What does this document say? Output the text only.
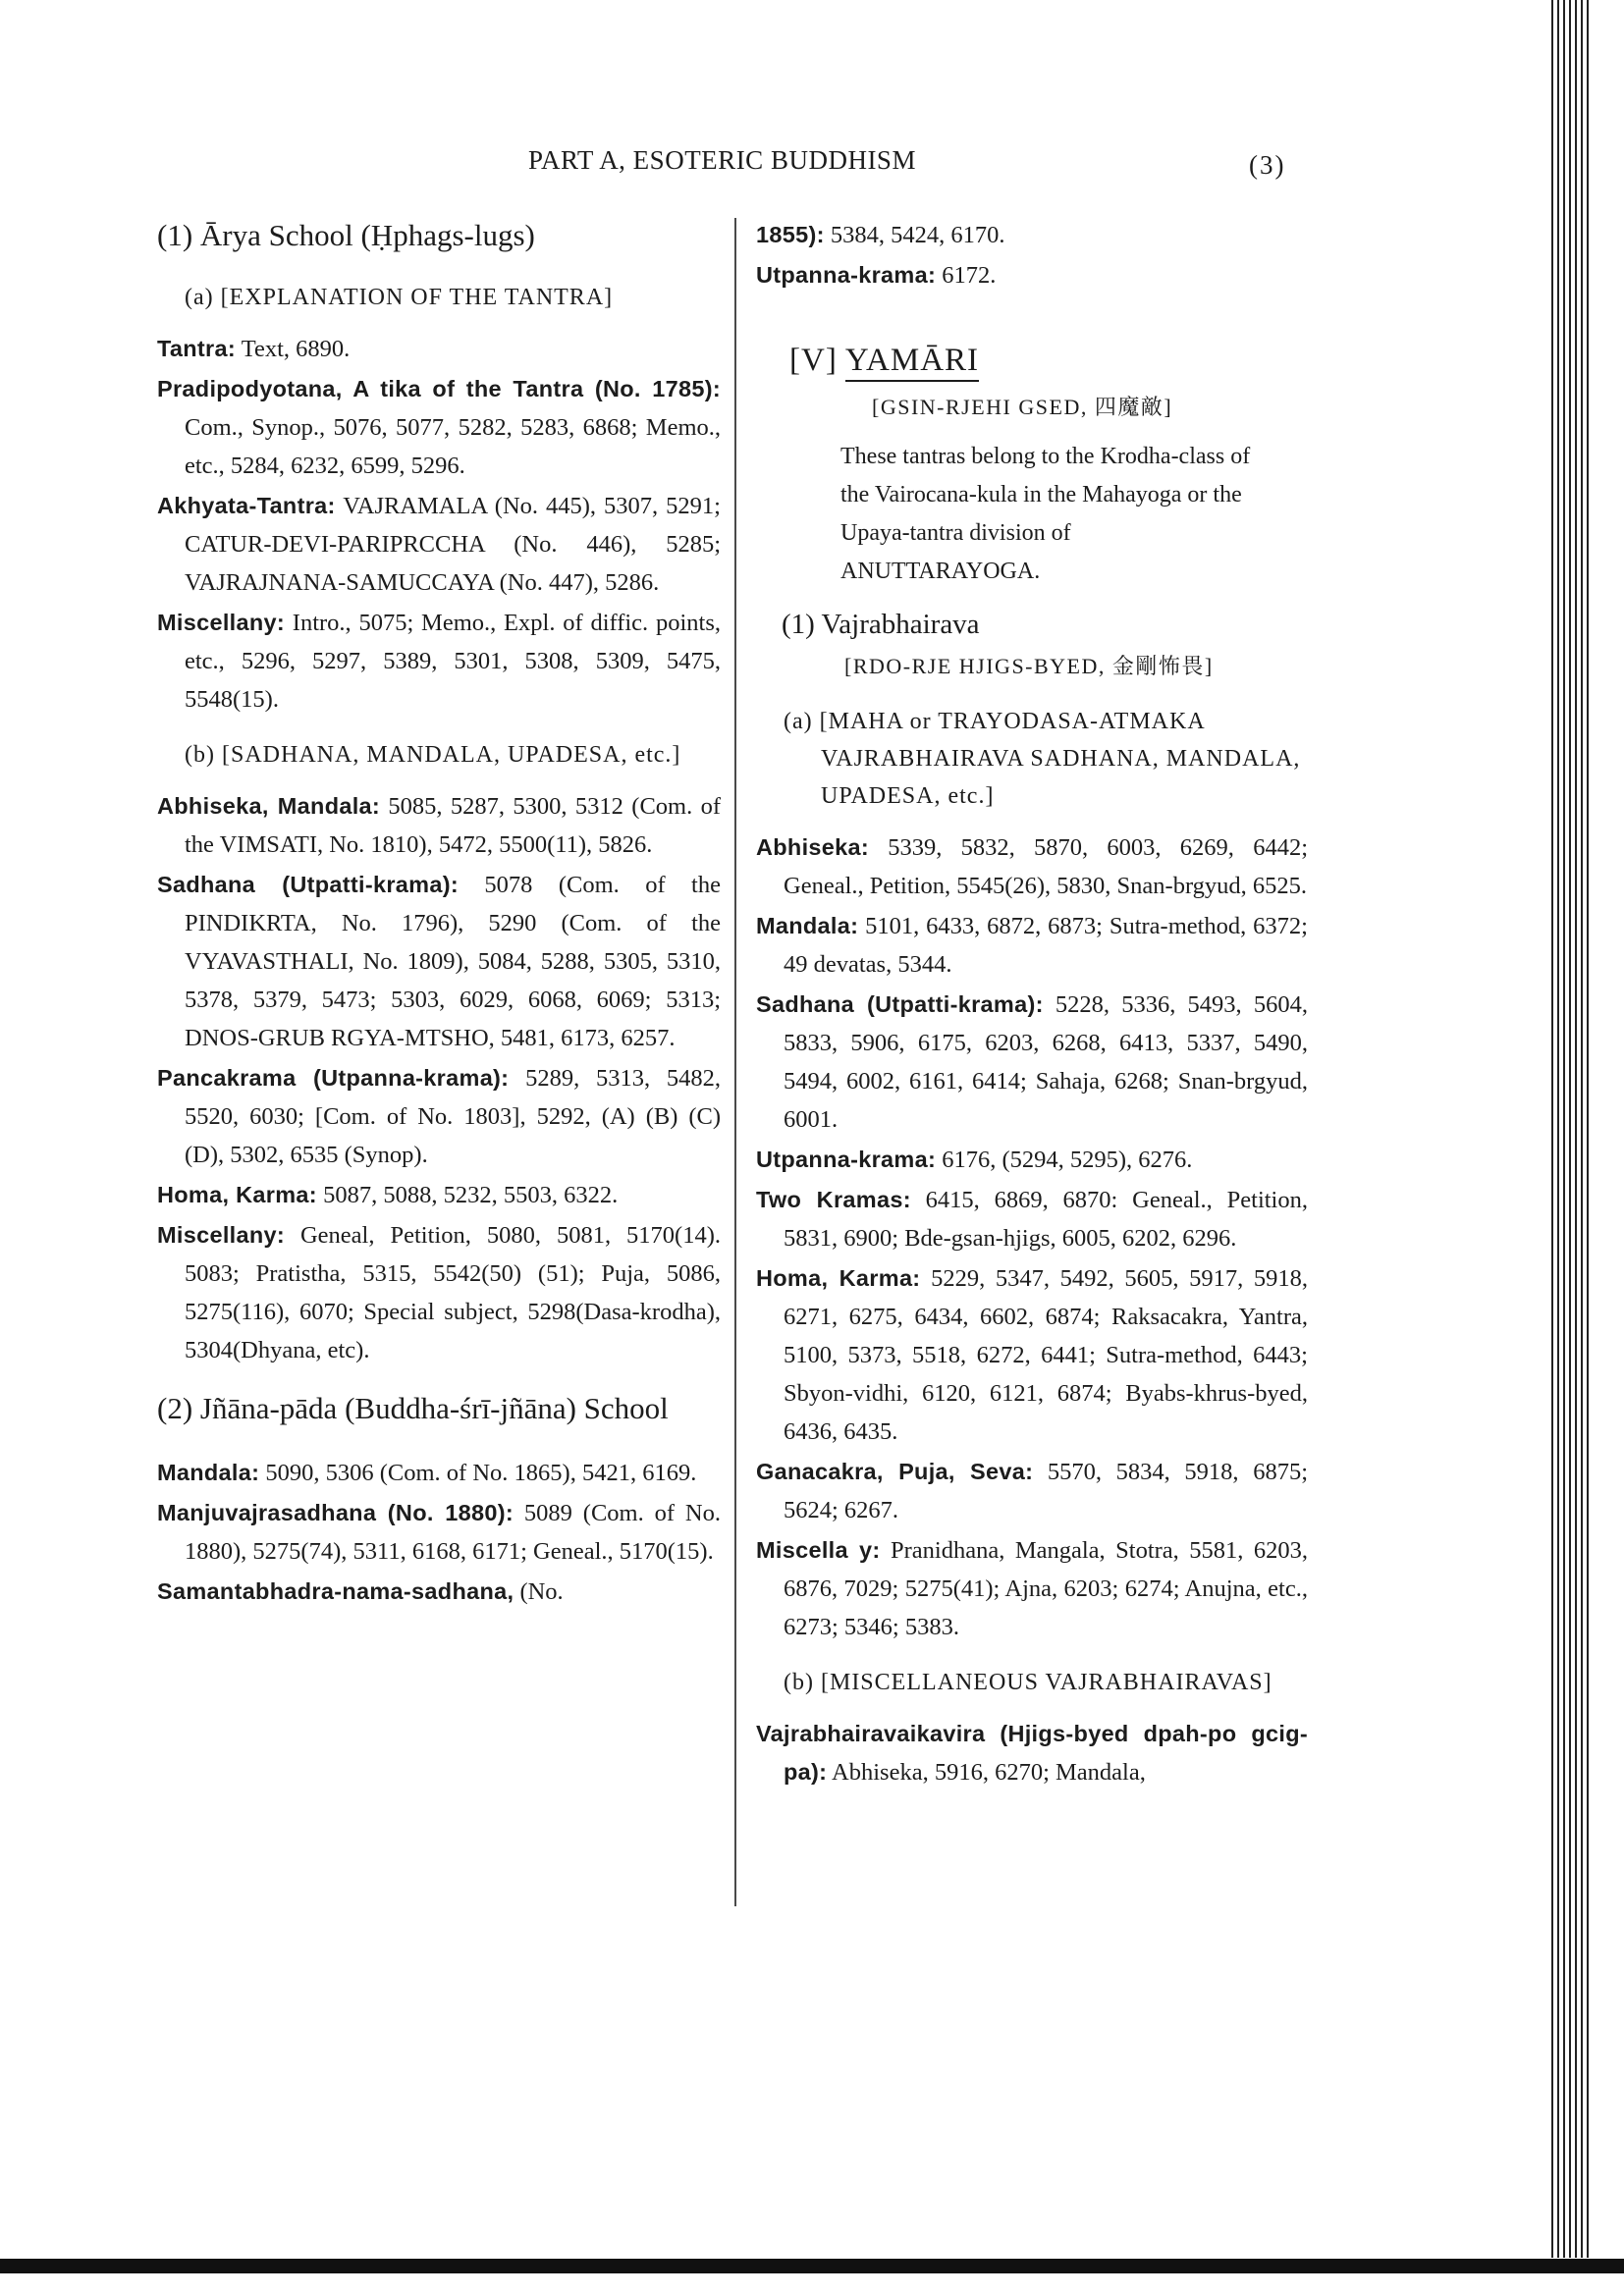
PART A, ESOTERIC BUDDHISM	(3)
(1) Ārya School (Ḥphags-lugs)
(a) [EXPLANATION OF THE TANTRA]

Tantra: Text, 6890.

Pradipodyotana, A tika of the Tantra (No. 1785): Com., Synop., 5076, 5077, 5282, 5283, 6868; Memo., etc., 5284, 6232, 6599, 5296.

Akhyata-Tantra: VAJRAMALA (No. 445), 5307, 5291; CATUR-DEVI-PARIPRCCHA (No. 446), 5285; VAJRAJNANA-SAMUCCAYA (No. 447), 5286.

Miscellany: Intro., 5075; Memo., Expl. of diffic. points, etc., 5296, 5297, 5389, 5301, 5308, 5309, 5475, 5548(15).

(b) [SADHANA, MANDALA, UPADESA, etc.]

Abhiseka, Mandala: 5085, 5287, 5300, 5312 (Com. of the VIMSATI, No. 1810), 5472, 5500(11), 5826.

Sadhana (Utpatti-krama): 5078 (Com. of the PINDIKRTA, No. 1796), 5290 (Com. of the VYAVASTHALI, No. 1809), 5084, 5288, 5305, 5310, 5378, 5379, 5473; 5303, 6029, 6068, 6069; 5313; DNOS-GRUB RGYA-MTSHO, 5481, 6173, 6257.

Pancakrama (Utpanna-krama): 5289, 5313, 5482, 5520, 6030; [Com. of No. 1803], 5292, (A) (B) (C) (D), 5302, 6535 (Synop).

Homa, Karma: 5087, 5088, 5232, 5503, 6322.

Miscellany: Geneal, Petition, 5080, 5081, 5170(14). 5083; Pratistha, 5315, 5542(50) (51); Puja, 5086, 5275(116), 6070; Special subject, 5298(Dasa-krodha), 5304(Dhyana, etc).

(2) Jñāna-pāda (Buddha-śrī-jñāna) School

Mandala: 5090, 5306 (Com. of No. 1865), 5421, 6169.

Manjuvajrasadhana (No. 1880): 5089 (Com. of No. 1880), 5275(74), 5311, 6168, 6171; Geneal., 5170(15).

Samantabhadra-nama-sadhana, (No.

1855): 5384, 5424, 6170.

Utpanna-krama: 6172.

[V] YAMĀRI
[GSIN-RJEHI GSED, 四魔敵]
These tantras belong to the Krodha-class of the Vairocana-kula in the Mahayoga or the Upaya-tantra division of ANUTTARAYOGA.
(1) Vajrabhairava
[RDO-RJE HJIGS-BYED, 金剛怖畏]
(a) [MAHA or TRAYODASA-ATMAKA VAJRABHAIRAVA SADHANA, MANDALA, UPADESA, etc.]

Abhiseka: 5339, 5832, 5870, 6003, 6269, 6442; Geneal., Petition, 5545(26), 5830, Snan-brgyud, 6525.

Mandala: 5101, 6433, 6872, 6873; Sutra-method, 6372; 49 devatas, 5344.

Sadhana (Utpatti-krama): 5228, 5336, 5493, 5604, 5833, 5906, 6175, 6203, 6268, 6413, 5337, 5490, 5494, 6002, 6161, 6414; Sahaja, 6268; Snan-brgyud, 6001.

Utpanna-krama: 6176, (5294, 5295), 6276.

Two Kramas: 6415, 6869, 6870: Geneal., Petition, 5831, 6900; Bde-gsan-hjigs, 6005, 6202, 6296.

Homa, Karma: 5229, 5347, 5492, 5605, 5917, 5918, 6271, 6275, 6434, 6602, 6874; Raksacakra, Yantra, 5100, 5373, 5518, 6272, 6441; Sutra-method, 6443; Sbyon-vidhi, 6120, 6121, 6874; Byabs-khrus-byed, 6436, 6435.

Ganacakra, Puja, Seva: 5570, 5834, 5918, 6875; 5624; 6267.

Miscella y: Pranidhana, Mangala, Stotra, 5581, 6203, 6876, 7029; 5275(41); Ajna, 6203; 6274; Anujna, etc., 6273; 5346; 5383.

(b) [MISCELLANEOUS VAJRABHAIRAVAS]

Vajrabhairavaikavira (Hjigs-byed dpah-po gcig-pa): Abhiseka, 5916, 6270; Mandala,
